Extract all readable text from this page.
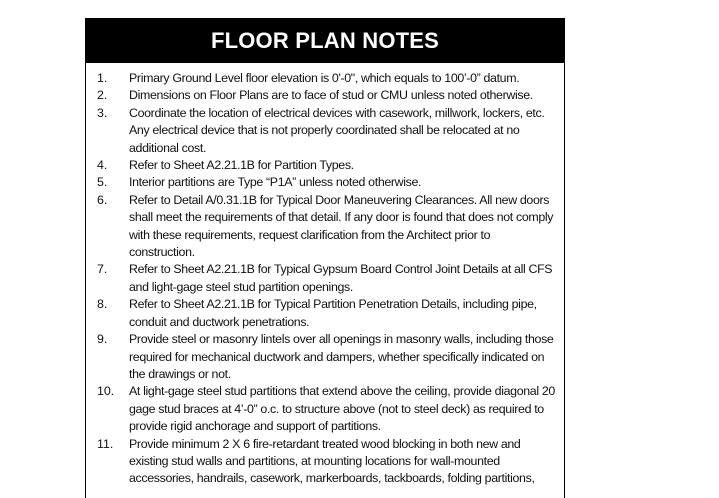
FLOOR PLAN NOTES
1. Primary Ground Level floor elevation is 0'-0", which equals to 100’-0” datum.
2. Dimensions on Floor Plans are to face of stud or CMU unless noted otherwise.
3. Coordinate the location of electrical devices with casework, millwork, lockers, etc. Any electrical device that is not properly coordinated shall be relocated at no additional cost.
4. Refer to Sheet A2.21.1B for Partition Types.
5. Interior partitions are Type “P1A” unless noted otherwise.
6. Refer to Detail A/0.31.1B for Typical Door Maneuvering Clearances. All new doors shall meet the requirements of that detail. If any door is found that does not comply with these requirements, request clarification from the Architect prior to construction.
7. Refer to Sheet A2.21.1B for Typical Gypsum Board Control Joint Details at all CFS and light-gage steel stud partition openings.
8. Refer to Sheet A2.21.1B for Typical Partition Penetration Details, including pipe, conduit and ductwork penetrations.
9. Provide steel or masonry lintels over all openings in masonry walls, including those required for mechanical ductwork and dampers, whether specifically indicated on the drawings or not.
10. At light-gage steel stud partitions that extend above the ceiling, provide diagonal 20 gage stud braces at 4’-0” o.c. to structure above (not to steel deck) as required to provide rigid anchorage and support of partitions.
11. Provide minimum 2 X 6 fire-retardant treated wood blocking in both new and existing stud walls and partitions, at mounting locations for wall-mounted accessories, handrails, casework, markerboards, tackboards, folding partitions,
